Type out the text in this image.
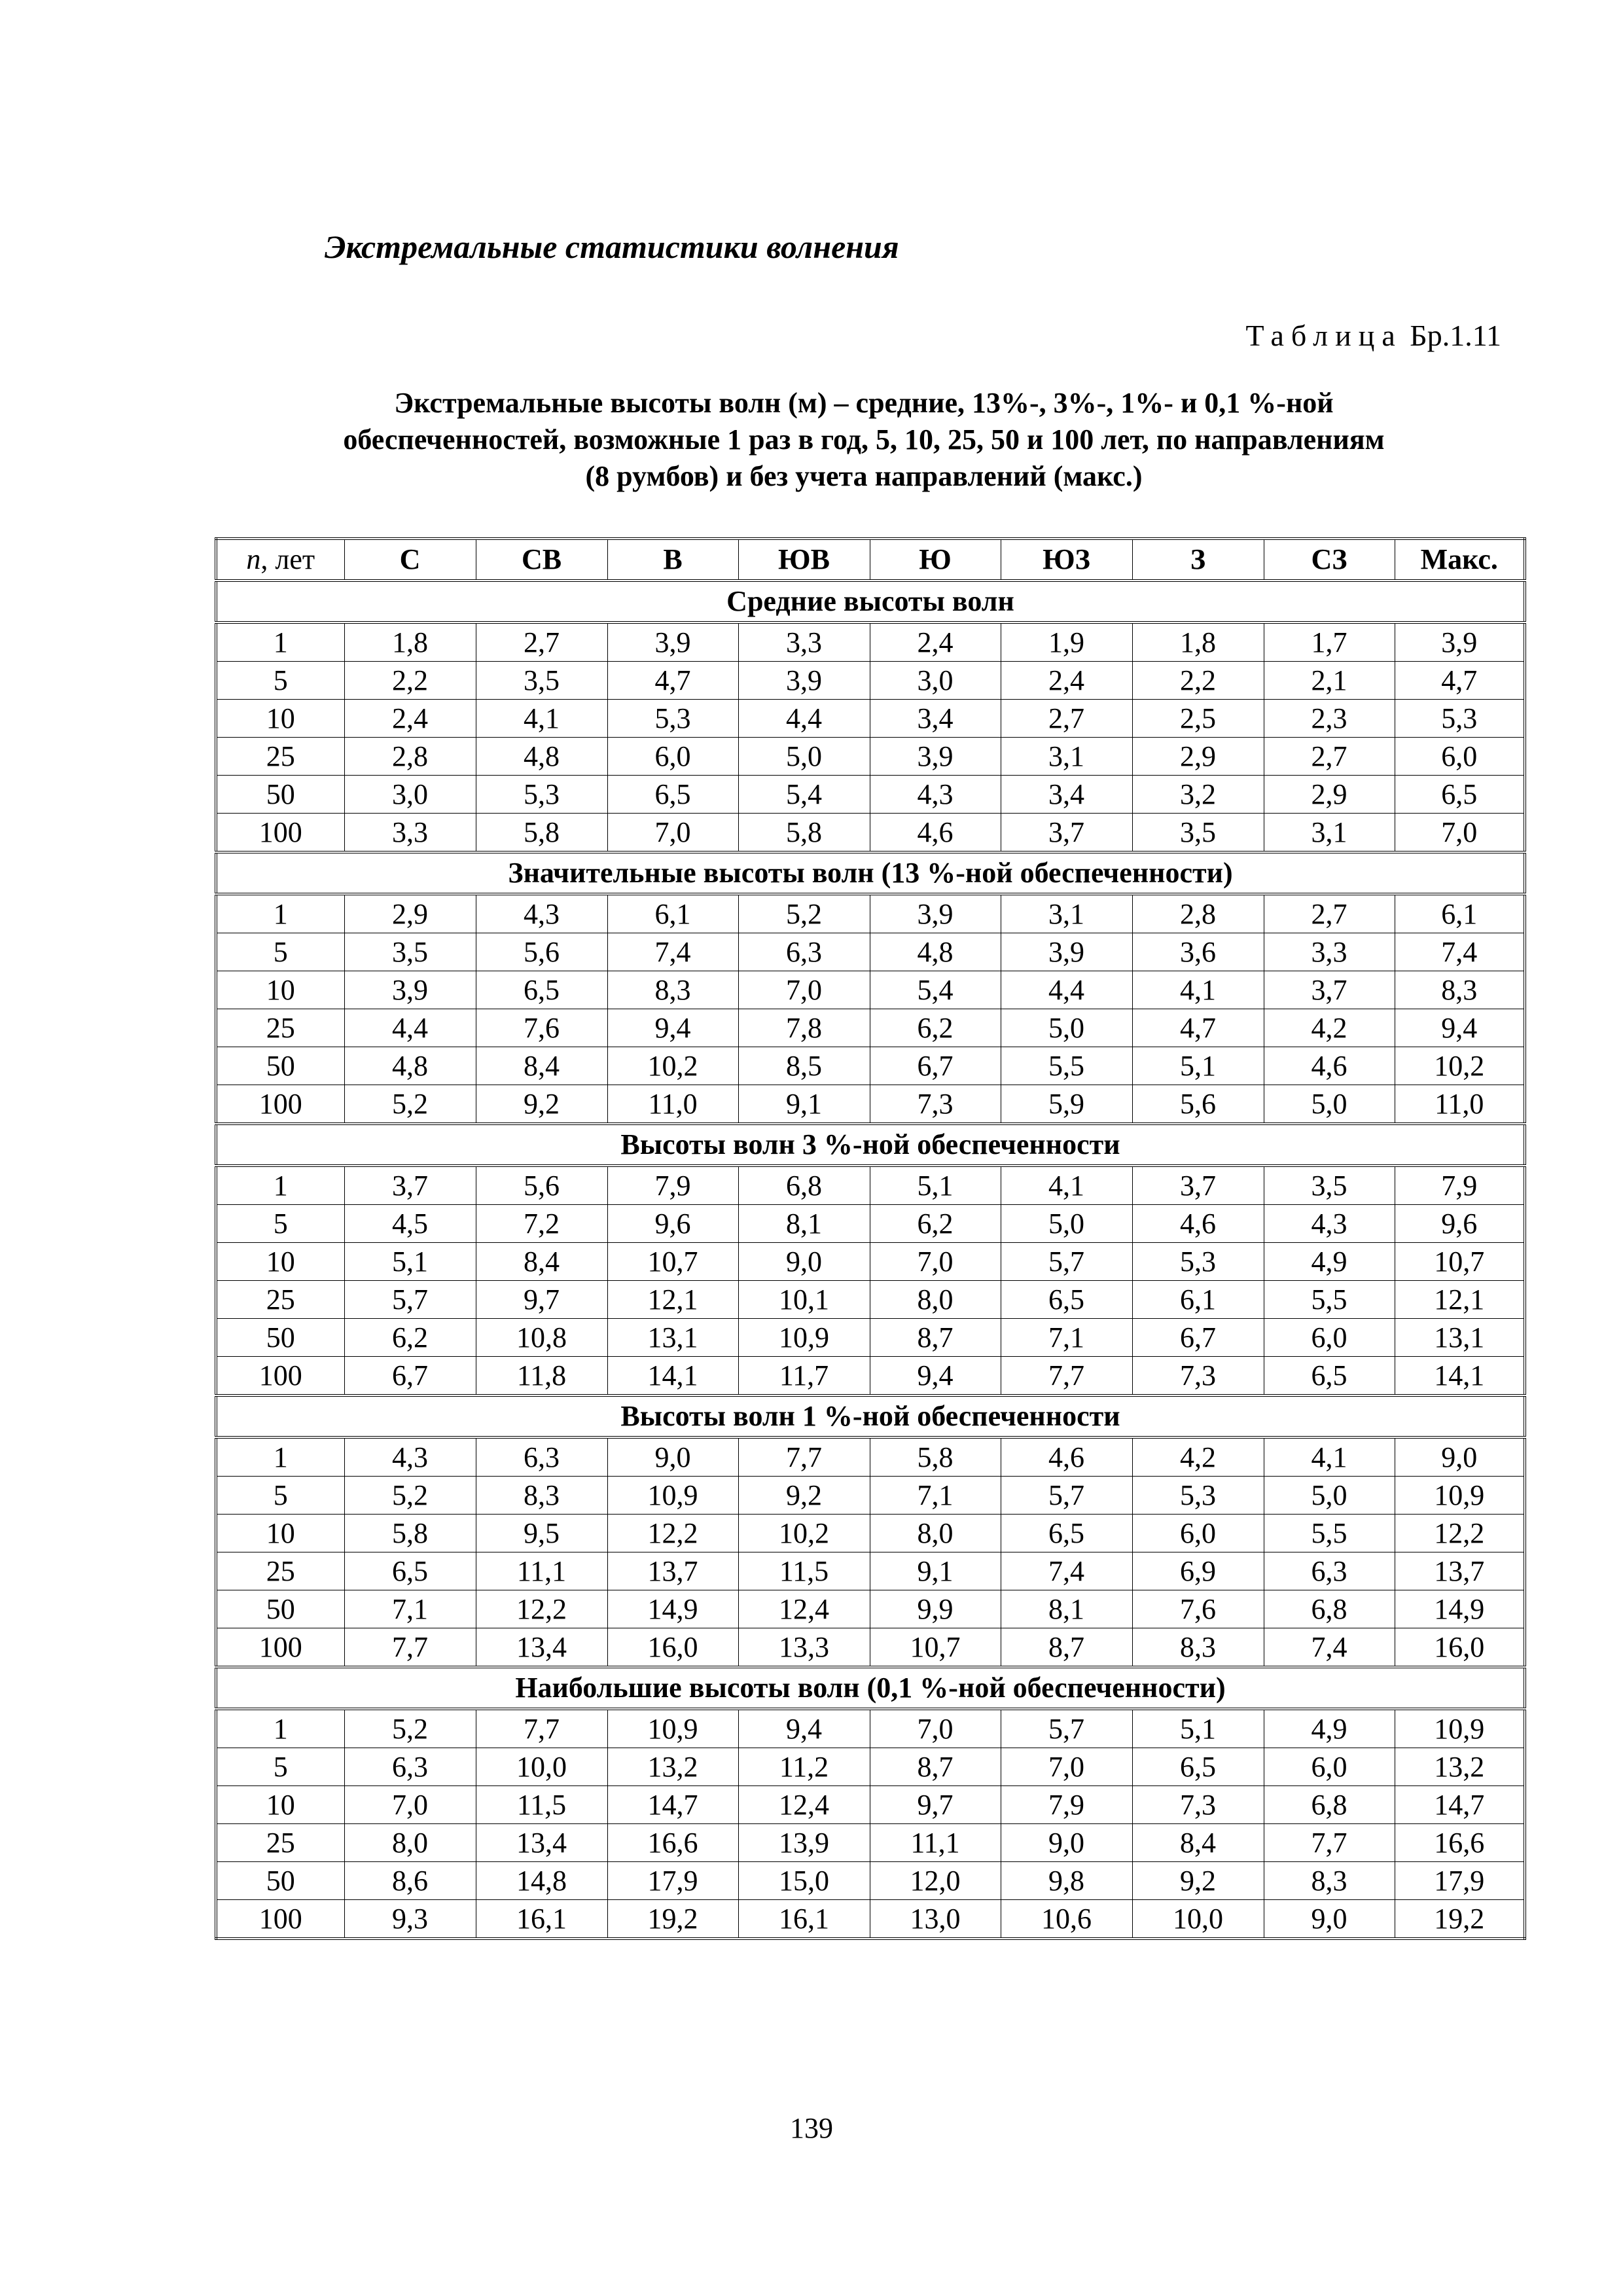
Экстремальные статистики волнения
Таблица Бр.1.11
Экстремальные высоты волн (м) – средние, 13%-, 3%-, 1%- и 0,1 %-ной
обеспеченностей, возможные 1 раз в год, 5, 10, 25, 50 и 100 лет, по направлениям
(8 румбов) и без учета направлений (макс.)
n, лет	С	СВ	В	ЮВ	Ю	ЮЗ	З	СЗ	Макс.
Средние высоты волн									
1	1,8	2,7	3,9	3,3	2,4	1,9	1,8	1,7	3,9
5	2,2	3,5	4,7	3,9	3,0	2,4	2,2	2,1	4,7
10	2,4	4,1	5,3	4,4	3,4	2,7	2,5	2,3	5,3
25	2,8	4,8	6,0	5,0	3,9	3,1	2,9	2,7	6,0
50	3,0	5,3	6,5	5,4	4,3	3,4	3,2	2,9	6,5
100	3,3	5,8	7,0	5,8	4,6	3,7	3,5	3,1	7,0
Значительные высоты волн (13 %-ной обеспеченности)									
1	2,9	4,3	6,1	5,2	3,9	3,1	2,8	2,7	6,1
5	3,5	5,6	7,4	6,3	4,8	3,9	3,6	3,3	7,4
10	3,9	6,5	8,3	7,0	5,4	4,4	4,1	3,7	8,3
25	4,4	7,6	9,4	7,8	6,2	5,0	4,7	4,2	9,4
50	4,8	8,4	10,2	8,5	6,7	5,5	5,1	4,6	10,2
100	5,2	9,2	11,0	9,1	7,3	5,9	5,6	5,0	11,0
Высоты волн 3 %-ной обеспеченности									
1	3,7	5,6	7,9	6,8	5,1	4,1	3,7	3,5	7,9
5	4,5	7,2	9,6	8,1	6,2	5,0	4,6	4,3	9,6
10	5,1	8,4	10,7	9,0	7,0	5,7	5,3	4,9	10,7
25	5,7	9,7	12,1	10,1	8,0	6,5	6,1	5,5	12,1
50	6,2	10,8	13,1	10,9	8,7	7,1	6,7	6,0	13,1
100	6,7	11,8	14,1	11,7	9,4	7,7	7,3	6,5	14,1
Высоты волн 1 %-ной обеспеченности									
1	4,3	6,3	9,0	7,7	5,8	4,6	4,2	4,1	9,0
5	5,2	8,3	10,9	9,2	7,1	5,7	5,3	5,0	10,9
10	5,8	9,5	12,2	10,2	8,0	6,5	6,0	5,5	12,2
25	6,5	11,1	13,7	11,5	9,1	7,4	6,9	6,3	13,7
50	7,1	12,2	14,9	12,4	9,9	8,1	7,6	6,8	14,9
100	7,7	13,4	16,0	13,3	10,7	8,7	8,3	7,4	16,0
Наибольшие высоты волн (0,1 %-ной обеспеченности)									
1	5,2	7,7	10,9	9,4	7,0	5,7	5,1	4,9	10,9
5	6,3	10,0	13,2	11,2	8,7	7,0	6,5	6,0	13,2
10	7,0	11,5	14,7	12,4	9,7	7,9	7,3	6,8	14,7
25	8,0	13,4	16,6	13,9	11,1	9,0	8,4	7,7	16,6
50	8,6	14,8	17,9	15,0	12,0	9,8	9,2	8,3	17,9
100	9,3	16,1	19,2	16,1	13,0	10,6	10,0	9,0	19,2
139
